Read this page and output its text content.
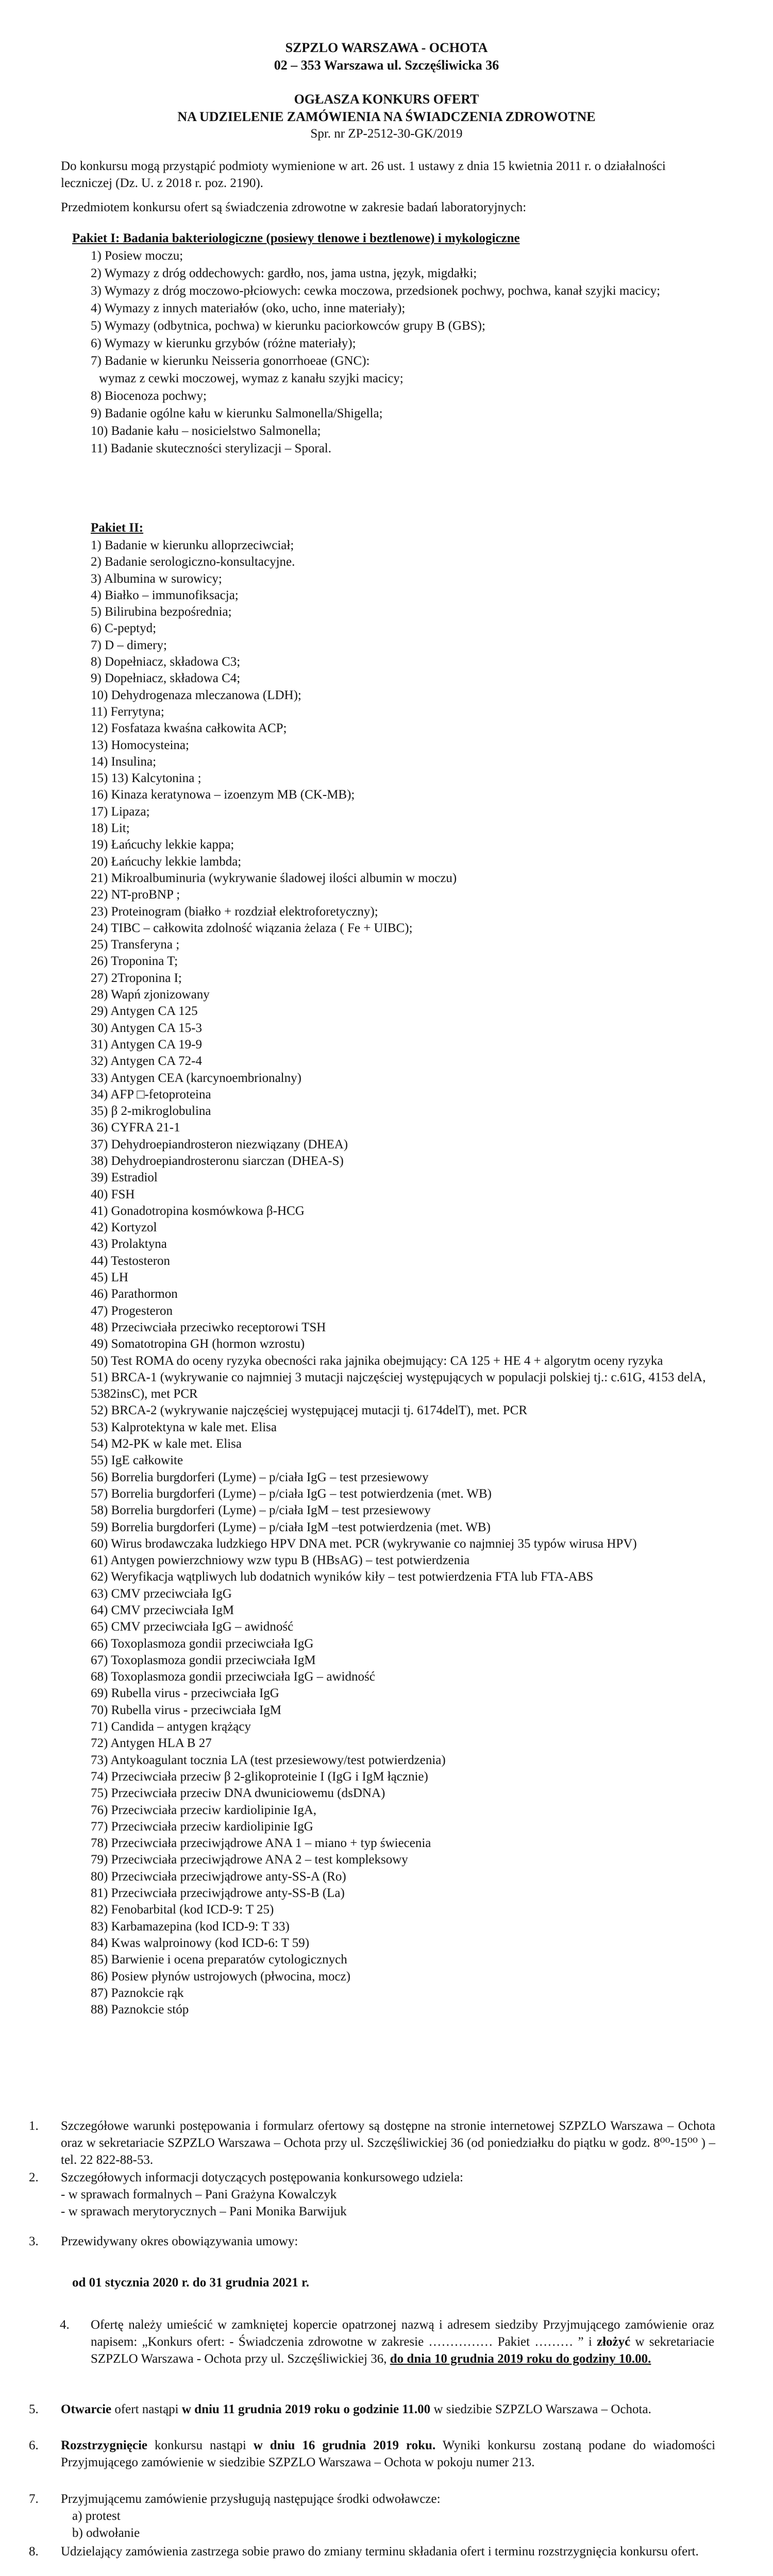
SZPZLO WARSZAWA - OCHOTA
02 – 353 Warszawa ul. Szczęśliwicka 36
OGŁASZA KONKURS OFERT
NA UDZIELENIE ZAMÓWIENIA NA ŚWIADCZENIA ZDROWOTNE
Spr. nr ZP-2512-30-GK/2019
Do konkursu mogą przystąpić podmioty wymienione w art. 26 ust. 1 ustawy z dnia 15 kwietnia 2011 r. o działalności leczniczej (Dz. U. z 2018 r. poz. 2190).
Przedmiotem konkursu ofert są świadczenia zdrowotne w zakresie badań laboratoryjnych:
Pakiet I: Badania bakteriologiczne (posiewy tlenowe i beztlenowe) i mykologiczne
1) Posiew moczu;
2) Wymazy z dróg oddechowych: gardło, nos, jama ustna, język, migdałki;
3) Wymazy z dróg moczowo-płciowych: cewka moczowa, przedsionek pochwy, pochwa, kanał szyjki macicy;
4) Wymazy z innych materiałów (oko, ucho, inne materiały);
5) Wymazy (odbytnica, pochwa) w kierunku paciorkowców grupy B (GBS);
6) Wymazy w kierunku grzybów (różne materiały);
7) Badanie w kierunku Neisseria gonorrhoeae (GNC):
wymaz z cewki moczowej, wymaz z kanału szyjki macicy;
8) Biocenoza pochwy;
9) Badanie ogólne kału w kierunku Salmonella/Shigella;
10) Badanie kału – nosicielstwo Salmonella;
11) Badanie skuteczności sterylizacji – Sporal.
Pakiet II:
1) Badanie w kierunku alloprzeciwciał;
2) Badanie serologiczno-konsultacyjne.
3) Albumina w surowicy;
4) Białko – immunofiksacja;
5) Bilirubina bezpośrednia;
6) C-peptyd;
7) D – dimery;
8) Dopełniacz, składowa C3;
9) Dopełniacz, składowa C4;
10) Dehydrogenaza mleczanowa (LDH);
11) Ferrytyna;
12) Fosfataza kwaśna całkowita ACP;
13) Homocysteina;
14) Insulina;
15) 13) Kalcytonina ;
16) Kinaza keratynowa – izoenzym MB (CK-MB);
17) Lipaza;
18) Lit;
19) Łańcuchy lekkie kappa;
20) Łańcuchy lekkie lambda;
21) Mikroalbuminuria (wykrywanie śladowej ilości albumin w moczu)
22) NT-proBNP ;
23) Proteinogram (białko + rozdział elektroforetyczny);
24) TIBC – całkowita zdolność wiązania żelaza ( Fe + UIBC);
25) Transferyna ;
26) Troponina T;
27) 2Troponina I;
28) Wapń zjonizowany
29) Antygen CA 125
30) Antygen CA 15-3
31) Antygen CA 19-9
32) Antygen CA 72-4
33) Antygen CEA (karcynoembrionalny)
34) AFP □-fetoproteina
35) β 2-mikroglobulina
36) CYFRA 21-1
37) Dehydroepiandrosteron niezwiązany (DHEA)
38) Dehydroepiandrosteronu siarczan (DHEA-S)
39) Estradiol
40) FSH
41) Gonadotropina kosmówkowa β-HCG
42) Kortyzol
43) Prolaktyna
44) Testosteron
45) LH
46) Parathormon
47) Progesteron
48) Przeciwciała przeciwko receptorowi TSH
49) Somatotropina GH (hormon wzrostu)
50) Test ROMA do oceny ryzyka obecności raka jajnika obejmujący: CA 125 + HE 4 + algorytm oceny ryzyka
51) BRCA-1 (wykrywanie co najmniej 3 mutacji najczęściej występujących w populacji polskiej tj.: c.61G, 4153 delA, 5382insC), met PCR
52) BRCA-2 (wykrywanie najczęściej występującej mutacji tj. 6174delT), met. PCR
53) Kalprotektyna w kale met. Elisa
54) M2-PK w kale met. Elisa
55) IgE całkowite
56) Borrelia burgdorferi (Lyme) – p/ciała IgG – test przesiewowy
57) Borrelia burgdorferi (Lyme) – p/ciała IgG – test potwierdzenia (met. WB)
58) Borrelia burgdorferi (Lyme) – p/ciała IgM – test przesiewowy
59) Borrelia burgdorferi (Lyme) – p/ciała IgM –test potwierdzenia (met. WB)
60) Wirus brodawczaka ludzkiego HPV DNA met. PCR (wykrywanie co najmniej 35 typów wirusa HPV)
61) Antygen powierzchniowy wzw typu B (HBsAG) – test potwierdzenia
62) Weryfikacja wątpliwych lub dodatnich wyników kiły – test potwierdzenia FTA lub FTA-ABS
63) CMV przeciwciała IgG
64) CMV przeciwciała IgM
65) CMV przeciwciała IgG – awidność
66) Toxoplasmoza gondii przeciwciała IgG
67) Toxoplasmoza gondii przeciwciała IgM
68) Toxoplasmoza gondii przeciwciała IgG – awidność
69) Rubella virus - przeciwciała IgG
70) Rubella virus - przeciwciała IgM
71) Candida – antygen krążący
72) Antygen HLA B 27
73) Antykoagulant tocznia LA (test przesiewowy/test potwierdzenia)
74) Przeciwciała przeciw β 2-glikoproteinie I (IgG i IgM łącznie)
75) Przeciwciała przeciw DNA dwuniciowemu (dsDNA)
76) Przeciwciała przeciw kardiolipinie IgA,
77) Przeciwciała przeciw kardiolipinie IgG
78) Przeciwciała przeciwjądrowe ANA 1 – miano + typ świecenia
79) Przeciwciała przeciwjądrowe ANA 2 – test kompleksowy
80) Przeciwciała przeciwjądrowe anty-SS-A (Ro)
81) Przeciwciała przeciwjądrowe anty-SS-B (La)
82) Fenobarbital (kod ICD-9: T 25)
83) Karbamazepina (kod ICD-9: T 33)
84) Kwas walproinowy (kod ICD-6: T 59)
85) Barwienie i ocena preparatów cytologicznych
86) Posiew płynów ustrojowych (płwocina, mocz)
87) Paznokcie rąk
88) Paznokcie stóp
1. Szczegółowe warunki postępowania i formularz ofertowy są dostępne na stronie internetowej SZPZLO Warszawa – Ochota oraz w sekretariacie SZPZLO Warszawa – Ochota przy ul. Szczęśliwickiej 36 (od poniedziałku do piątku w godz. 8⁰⁰-15⁰⁰ ) – tel. 22 822-88-53.
2. Szczegółowych informacji dotyczących postępowania konkursowego udziela:
- w sprawach formalnych – Pani Grażyna Kowalczyk
- w sprawach merytorycznych – Pani Monika Barwijuk
3. Przewidywany okres obowiązywania umowy:
od 01 stycznia 2020 r. do 31 grudnia 2021 r.
4. Ofertę należy umieścić w zamkniętej kopercie opatrzonej nazwą i adresem siedziby Przyjmującego zamówienie oraz napisem: „Konkurs ofert: - Świadczenia zdrowotne w zakresie …………… Pakiet ……… ” i złożyć w sekretariacie SZPZLO Warszawa - Ochota przy ul. Szczęśliwickiej 36, do dnia 10 grudnia 2019 roku do godziny 10.00.
5. Otwarcie ofert nastąpi w dniu 11 grudnia 2019 roku o godzinie 11.00 w siedzibie SZPZLO Warszawa – Ochota.
6. Rozstrzygnięcie konkursu nastąpi w dniu 16 grudnia 2019 roku. Wyniki konkursu zostaną podane do wiadomości Przyjmującego zamówienie w siedzibie SZPZLO Warszawa – Ochota w pokoju numer 213.
7. Przyjmującemu zamówienie przysługują następujące środki odwoławcze:
a) protest
b) odwołanie
8. Udzielający zamówienia zastrzega sobie prawo do zmiany terminu składania ofert i terminu rozstrzygnięcia konkursu ofert.
